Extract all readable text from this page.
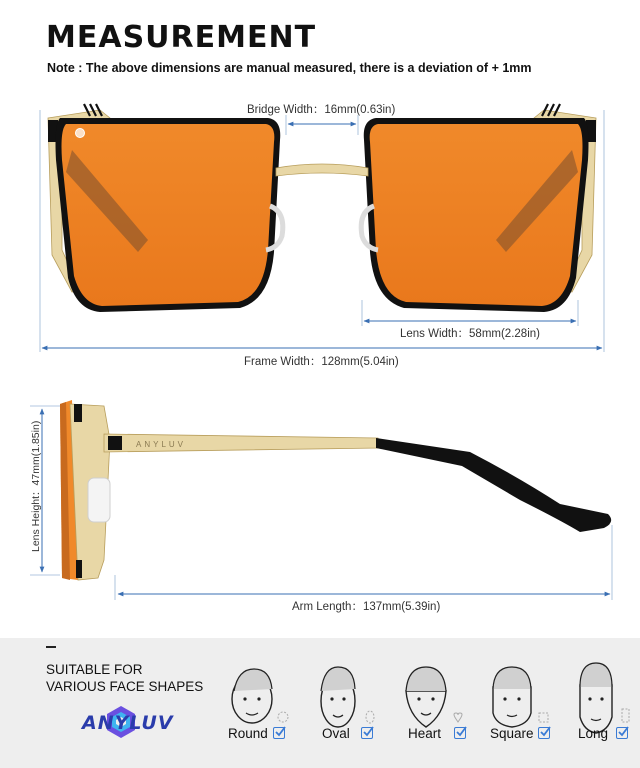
MEASUREMENT
Note : The above dimensions are manual measured, there is a deviation of + 1mm
ANYLUV
Bridge Width：16mm(0.63in)
Lens Width：58mm(2.28in)
Frame Width：128mm(5.04in)
Lens Height：47mm(1.85in)
Arm Length：137mm(5.39in)
SUITABLE FOR
VARIOUS FACE SHAPES
ANYLUV	Round	Oval	Heart	Square	Long
